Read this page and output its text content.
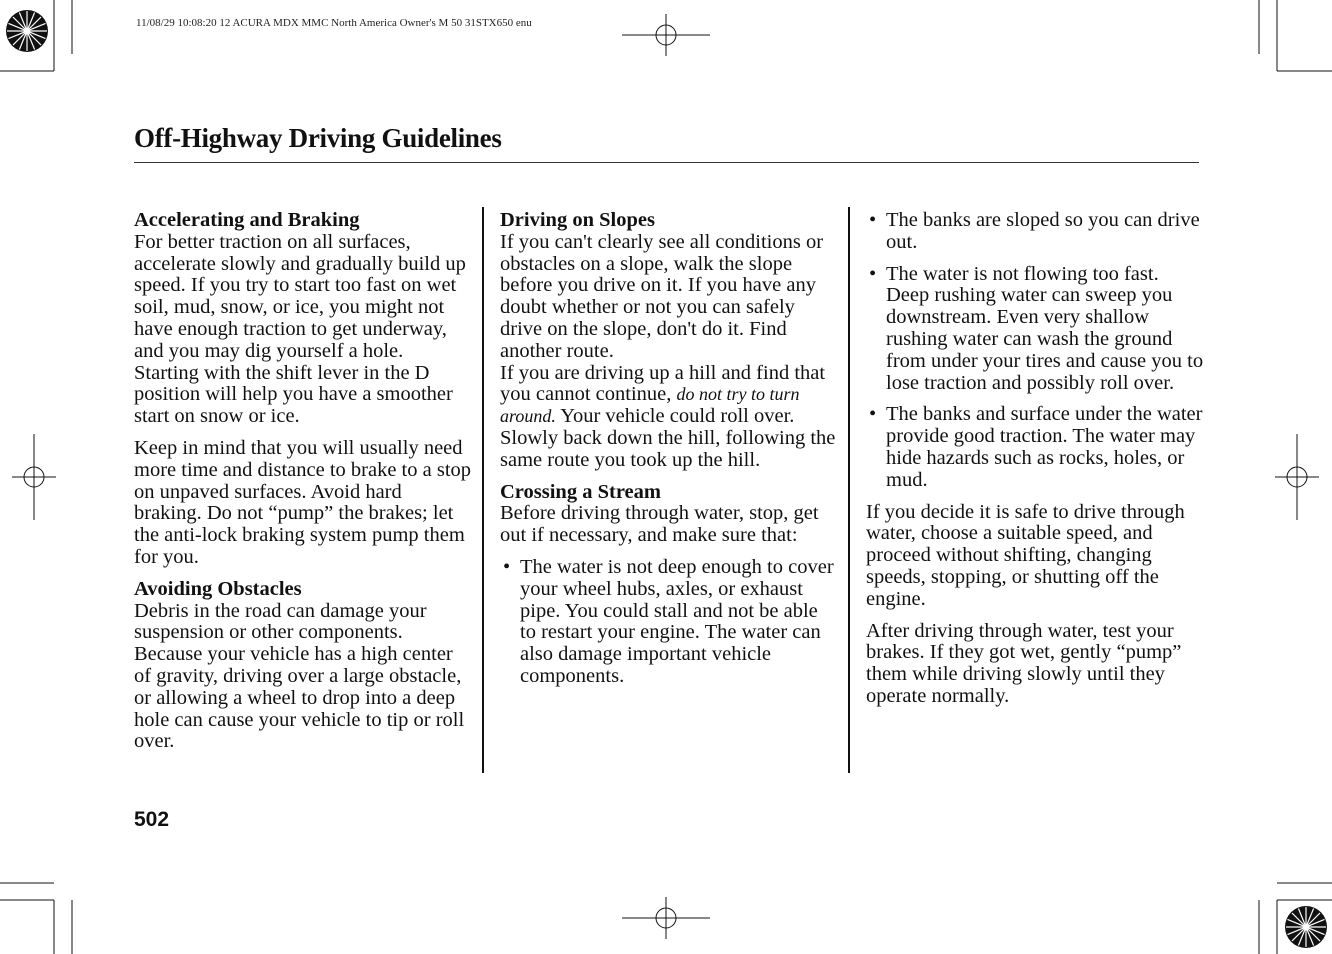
11/08/29 10:08:20 12 ACURA MDX MMC North America Owner's M 50 31STX650 enu
Off-Highway Driving Guidelines

Accelerating and Braking

For better traction on all surfaces, accelerate slowly and gradually build up speed. If you try to start too fast on wet soil, mud, snow, or ice, you might not have enough traction to get underway, and you may dig yourself a hole. Starting with the shift lever in the D position will help you have a smoother start on snow or ice.

Keep in mind that you will usually need more time and distance to brake to a stop on unpaved surfaces. Avoid hard braking. Do not “pump” the brakes; let the anti-lock braking system pump them for you.

Avoiding Obstacles

Debris in the road can damage your suspension or other components. Because your vehicle has a high center of gravity, driving over a large obstacle, or allowing a wheel to drop into a deep hole can cause your vehicle to tip or roll over.

Driving on Slopes

If you can't clearly see all conditions or obstacles on a slope, walk the slope before you drive on it. If you have any doubt whether or not you can safely drive on the slope, don't do it. Find another route.

If you are driving up a hill and find that you cannot continue, do not try to turn around. Your vehicle could roll over. Slowly back down the hill, following the same route you took up the hill.

Crossing a Stream

Before driving through water, stop, get out if necessary, and make sure that:

• The water is not deep enough to cover your wheel hubs, axles, or exhaust pipe. You could stall and not be able to restart your engine. The water can also damage important vehicle components.

• The banks are sloped so you can drive out.

• The water is not flowing too fast. Deep rushing water can sweep you downstream. Even very shallow rushing water can wash the ground from under your tires and cause you to lose traction and possibly roll over.

• The banks and surface under the water provide good traction. The water may hide hazards such as rocks, holes, or mud.

If you decide it is safe to drive through water, choose a suitable speed, and proceed without shifting, changing speeds, stopping, or shutting off the engine.

After driving through water, test your brakes. If they got wet, gently “pump” them while driving slowly until they operate normally.

502
